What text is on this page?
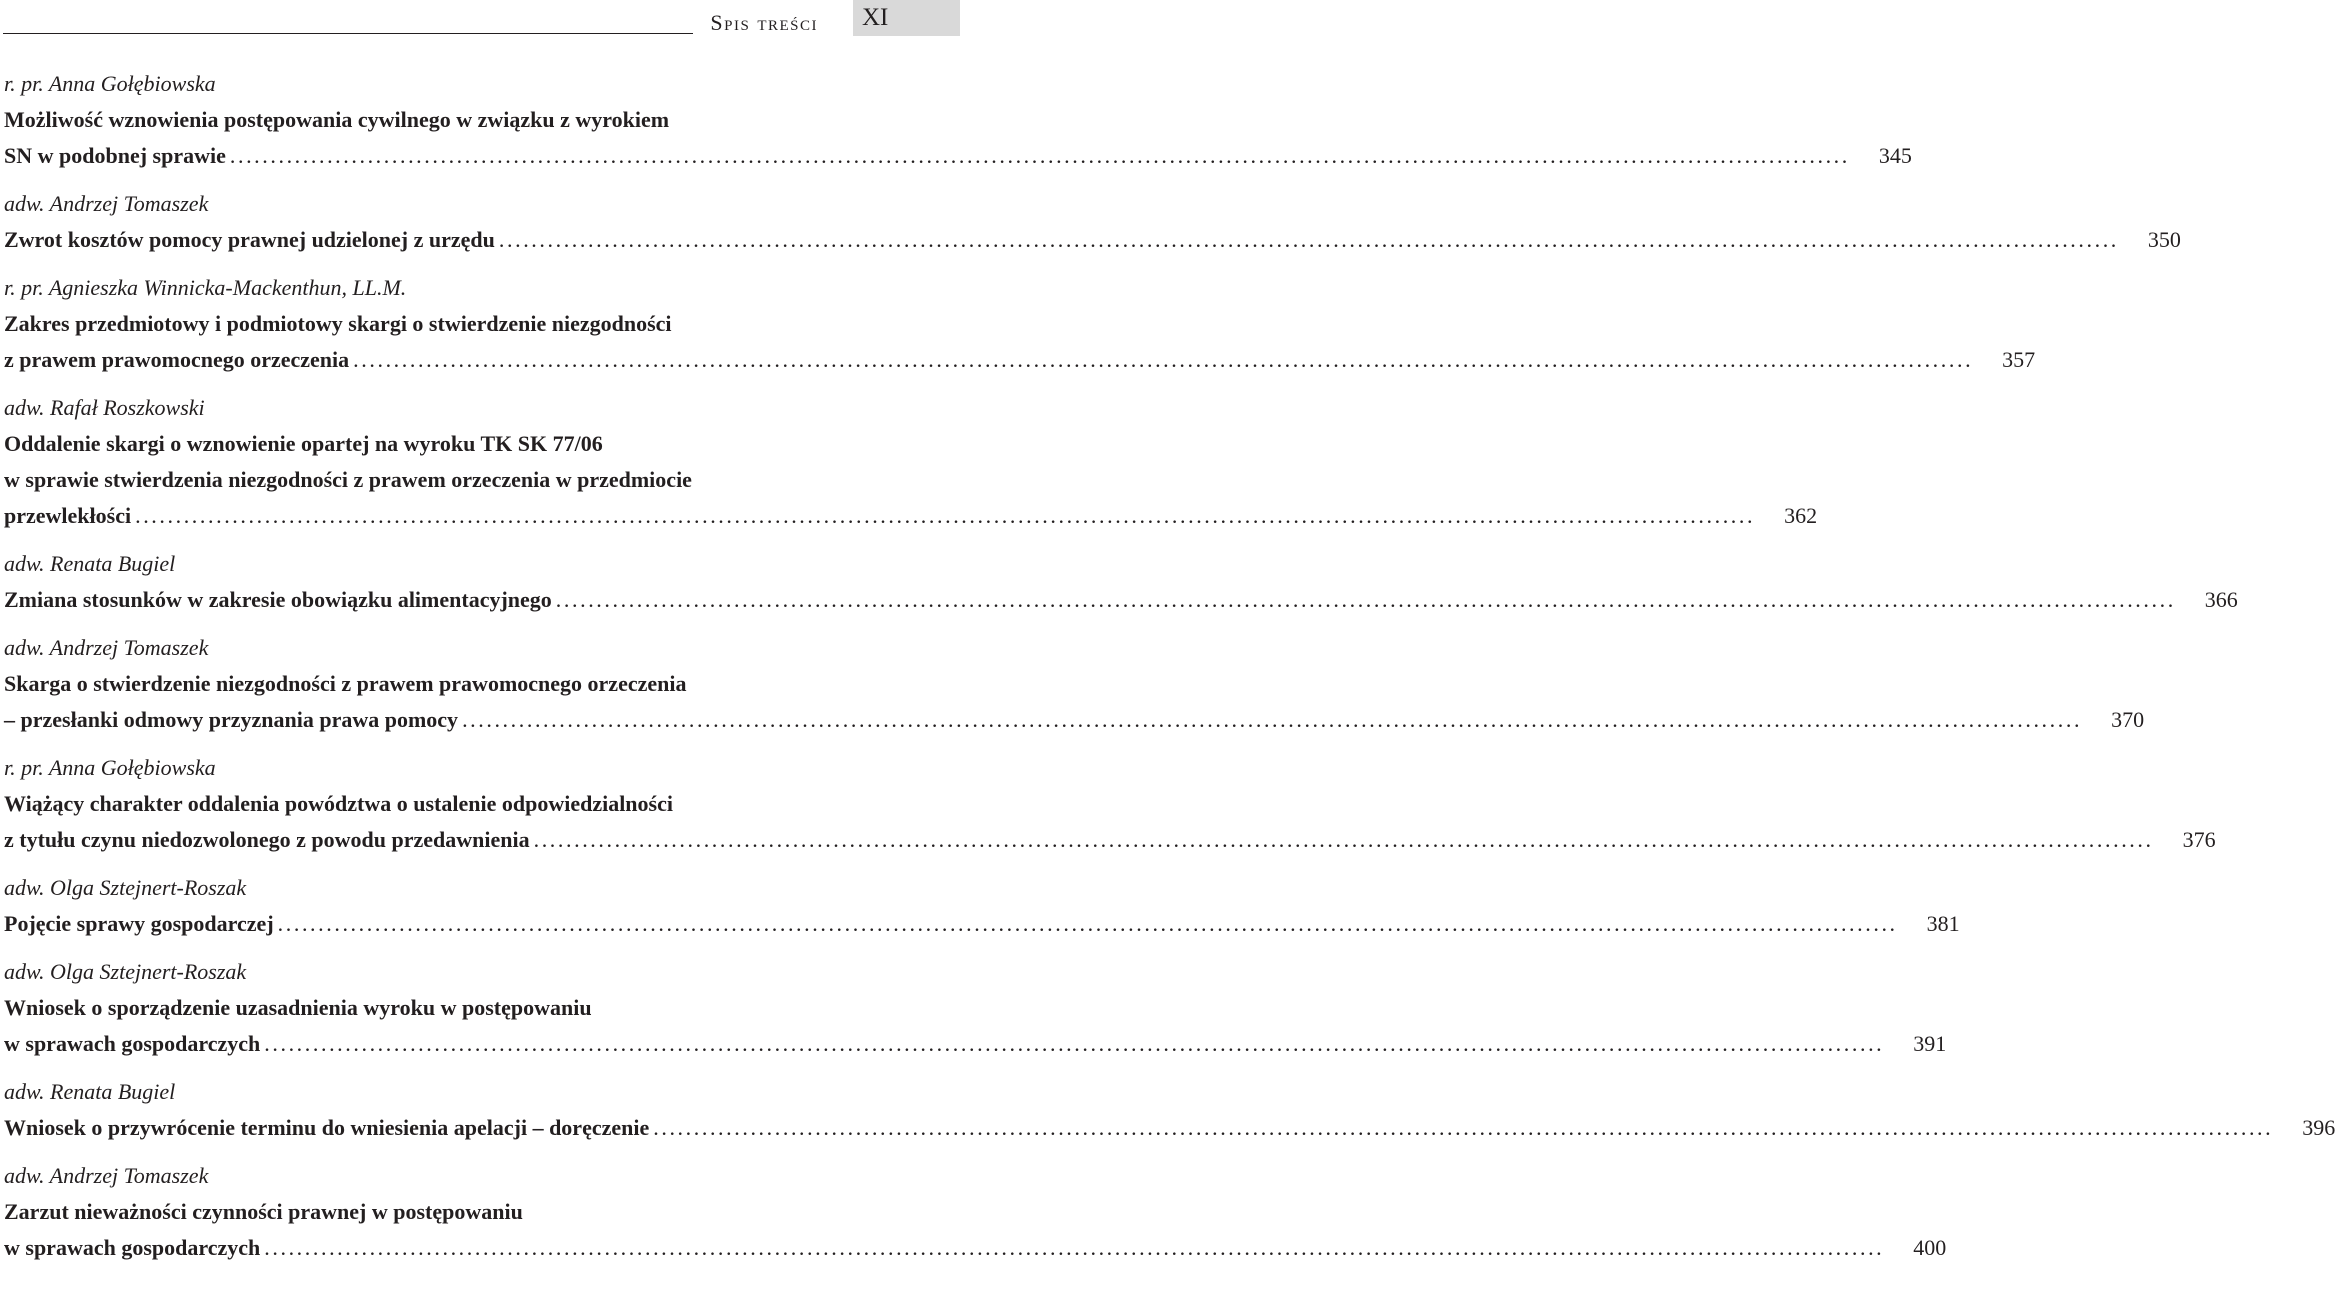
Spis treści XI
r. pr. Anna Gołębiowska
Możliwość wznowienia postępowania cywilnego w związku z wyrokiem
SN w podobnej sprawie ........................................................................................................................................................................................................ 345
adw. Andrzej Tomaszek
Zwrot kosztów pomocy prawnej udzielonej z urzędu ........................................................................................................................................................................................................ 350
r. pr. Agnieszka Winnicka-Mackenthun, LL.M.
Zakres przedmiotowy i podmiotowy skargi o stwierdzenie niezgodności
z prawem prawomocnego orzeczenia ........................................................................................................................................................................................................ 357
adw. Rafał Roszkowski
Oddalenie skargi o wznowienie opartej na wyroku TK SK 77/06
w sprawie stwierdzenia niezgodności z prawem orzeczenia w przedmiocie
przewlekłości ........................................................................................................................................................................................................ 362
adw. Renata Bugiel
Zmiana stosunków w zakresie obowiązku alimentacyjnego ........................................................................................................................................................................................................ 366
adw. Andrzej Tomaszek
Skarga o stwierdzenie niezgodności z prawem prawomocnego orzeczenia
– przesłanki odmowy przyznania prawa pomocy ........................................................................................................................................................................................................ 370
r. pr. Anna Gołębiowska
Wiążący charakter oddalenia powództwa o ustalenie odpowiedzialności
z tytułu czynu niedozwolonego z powodu przedawnienia ........................................................................................................................................................................................................ 376
adw. Olga Sztejnert-Roszak
Pojęcie sprawy gospodarczej ........................................................................................................................................................................................................ 381
adw. Olga Sztejnert-Roszak
Wniosek o sporządzenie uzasadnienia wyroku w postępowaniu
w sprawach gospodarczych ........................................................................................................................................................................................................ 391
adw. Renata Bugiel
Wniosek o przywrócenie terminu do wniesienia apelacji – doręczenie ........................................................................................................................................................................................................ 396
adw. Andrzej Tomaszek
Zarzut nieważności czynności prawnej w postępowaniu
w sprawach gospodarczych ........................................................................................................................................................................................................ 400
